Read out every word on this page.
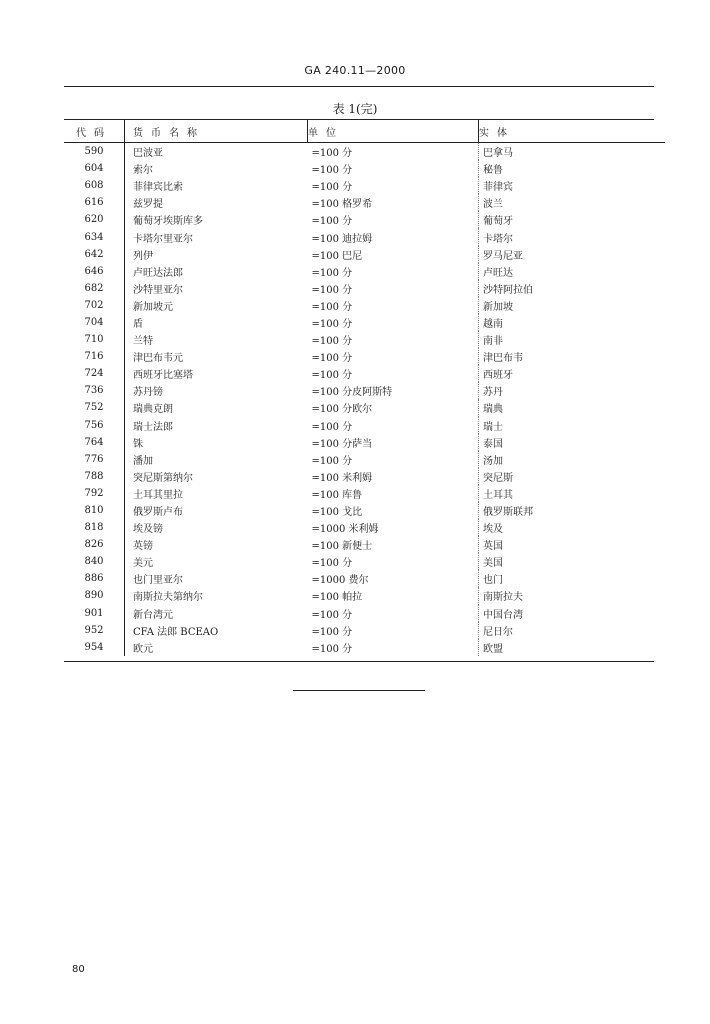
GA 240.11—2000
表 1(完)
代码	货币名称	单位	实体
590	巴波亚	=100 分	巴拿马
604	索尔	=100 分	秘鲁
608	菲律宾比索	=100 分	菲律宾
616	兹罗提	=100 格罗希	波兰
620	葡萄牙埃斯库多	=100 分	葡萄牙
634	卡塔尔里亚尔	=100 迪拉姆	卡塔尔
642	列伊	=100 巴尼	罗马尼亚
646	卢旺达法郎	=100 分	卢旺达
682	沙特里亚尔	=100 分	沙特阿拉伯
702	新加坡元	=100 分	新加坡
704	盾	=100 分	越南
710	兰特	=100 分	南非
716	津巴布韦元	=100 分	津巴布韦
724	西班牙比塞塔	=100 分	西班牙
736	苏丹镑	=100 分皮阿斯特	苏丹
752	瑞典克朗	=100 分欧尔	瑞典
756	瑞士法郎	=100 分	瑞士
764	铢	=100 分萨当	泰国
776	潘加	=100 分	汤加
788	突尼斯第纳尔	=100 米利姆	突尼斯
792	土耳其里拉	=100 库鲁	土耳其
810	俄罗斯卢布	=100 戈比	俄罗斯联邦
818	埃及镑	=1000 米利姆	埃及
826	英镑	=100 新便士	英国
840	美元	=100 分	美国
886	也门里亚尔	=1000 费尔	也门
890	南斯拉夫第纳尔	=100 帕拉	南斯拉夫
901	新台湾元	=100 分	中国台湾
952	CFA 法郎 BCEAO	=100 分	尼日尔
954	欧元	=100 分	欧盟
80
